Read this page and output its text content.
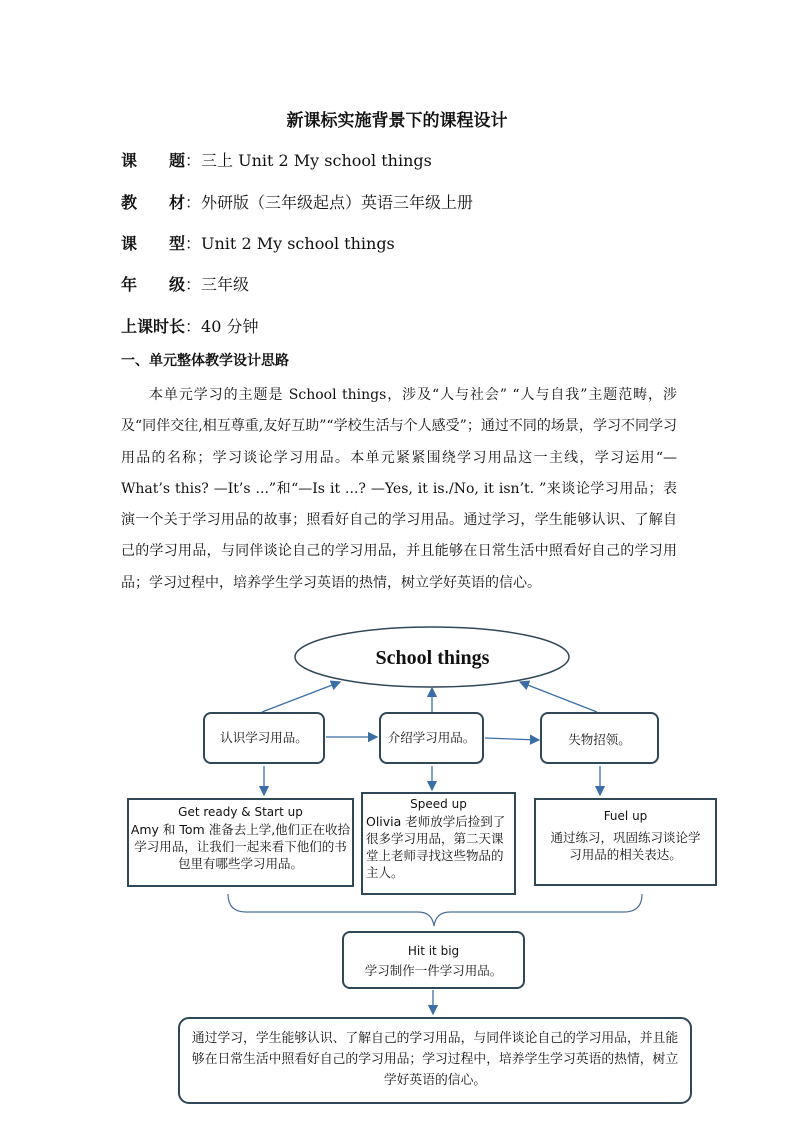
新课标实施背景下的课程设计
课　　题：三上 Unit 2 My school things
教　　材：外研版（三年级起点）英语三年级上册
课　　型：Unit 2 My school things
年　　级：三年级
上课时长：40 分钟
一、单元整体教学设计思路
本单元学习的主题是 School things，涉及“人与社会” “人与自我”主题范畴，涉及“同伴交往,相互尊重,友好互助”“学校生活与个人感受”；通过不同的场景，学习不同学习用品的名称；学习谈论学习用品。本单元紧紧围绕学习用品这一主线，学习运用“—What’s this? —It’s ...”和“—Is it ...? —Yes, it is./No, it isn’t. ”来谈论学习用品；表演一个关于学习用品的故事；照看好自己的学习用品。通过学习，学生能够认识、了解自己的学习用品，与同伴谈论自己的学习用品，并且能够在日常生活中照看好自己的学习用品；学习过程中，培养学生学习英语的热情，树立学好英语的信心。
School things
认识学习用品。	介绍学习用品。	失物招领。
Get ready & Start up
Amy 和 Tom 准备去上学,他们正在收拾学习用品，让我们一起来看下他们的书包里有哪些学习用品。
Speed up
Olivia 老师放学后捡到了很多学习用品，第二天课堂上老师寻找这些物品的主人。
Fuel up
通过练习，巩固练习谈论学习用品的相关表达。
Hit it big
学习制作一件学习用品。
通过学习，学生能够认识、了解自己的学习用品，与同伴谈论自己的学习用品，并且能够在日常生活中照看好自己的学习用品；学习过程中，培养学生学习英语的热情，树立学好英语的信心。
